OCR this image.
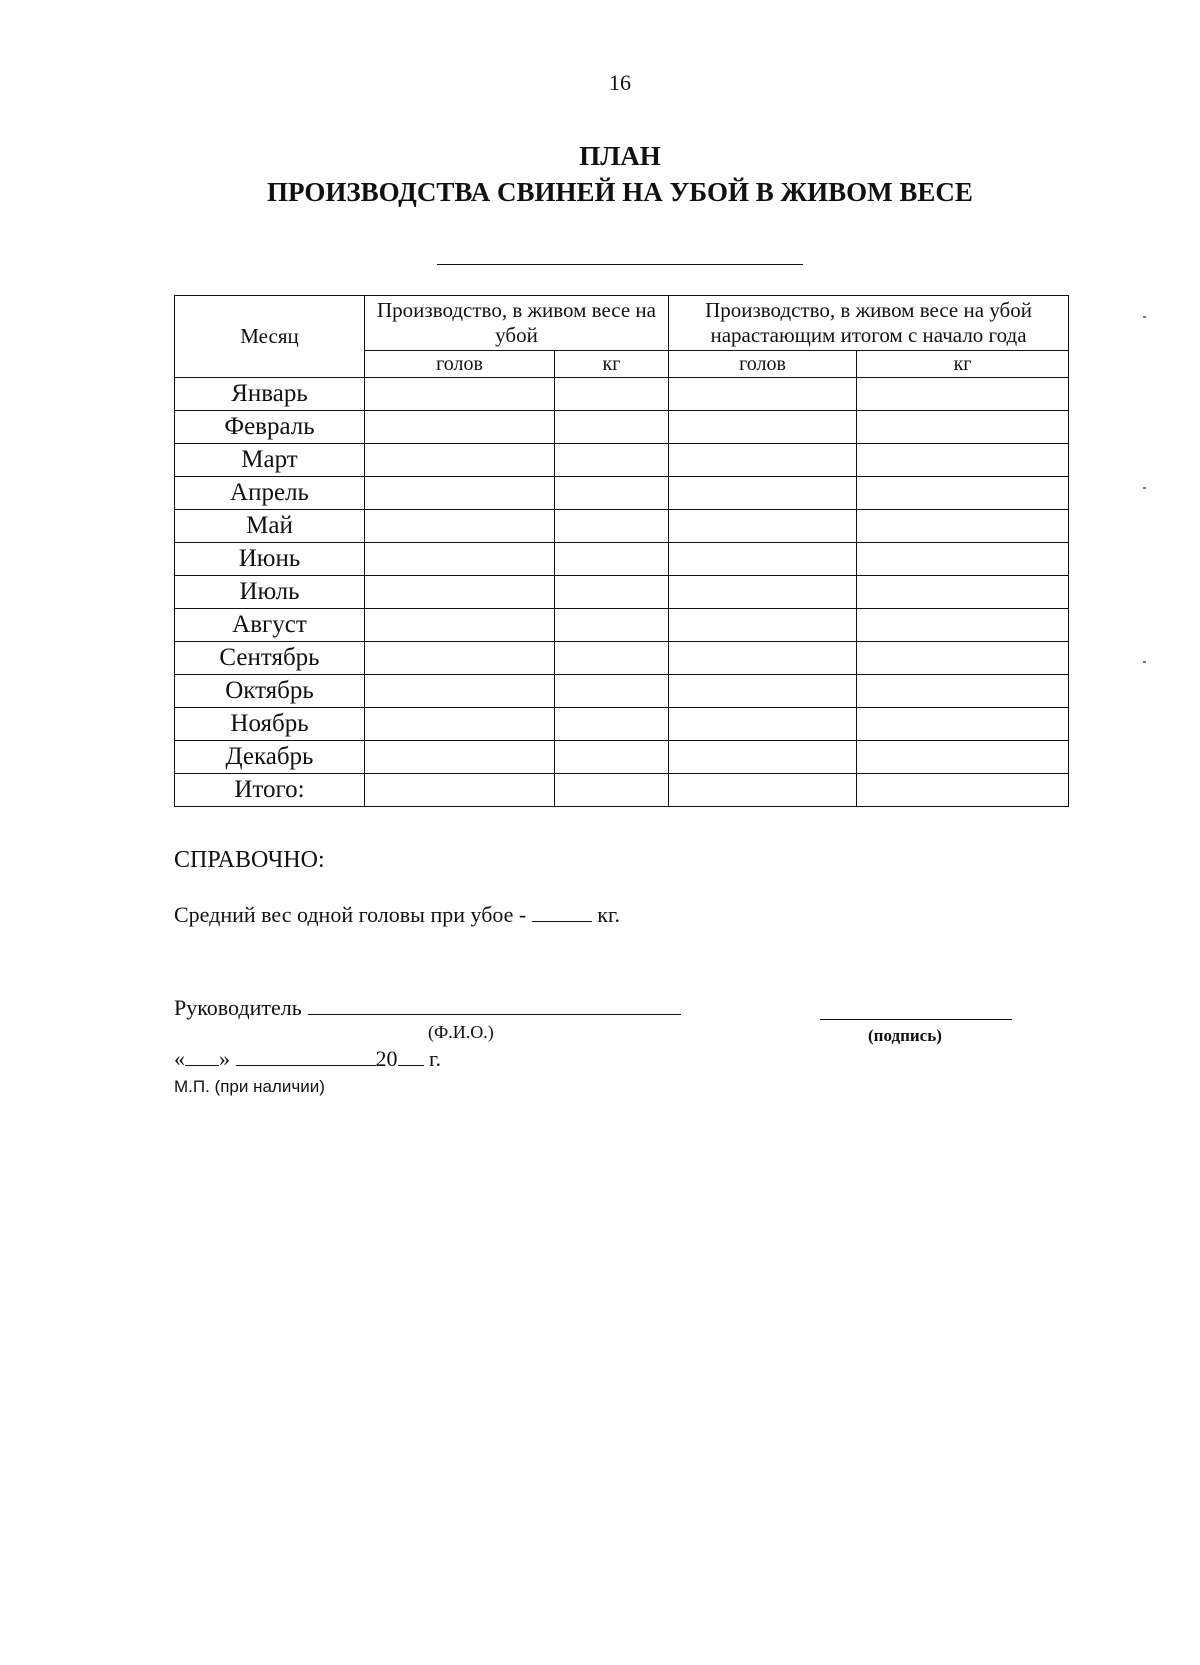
16
ПЛАН
ПРОИЗВОДСТВА СВИНЕЙ НА УБОЙ В ЖИВОМ ВЕСЕ
Месяц	Производство, в живом весе на убой		Производство, в живом весе на убой нарастающим итогом с начало года	
	голов	кг	голов	кг
Январь				
Февраль				
Март				
Апрель				
Май				
Июнь				
Июль				
Август				
Сентябрь				
Октябрь				
Ноябрь				
Декабрь				
Итого:				
СПРАВОЧНО:
Средний вес одной головы при убое -	кг.
Руководитель
(Ф.И.О.)	(подпись)
« »	20 г.
М.П. (при наличии)
